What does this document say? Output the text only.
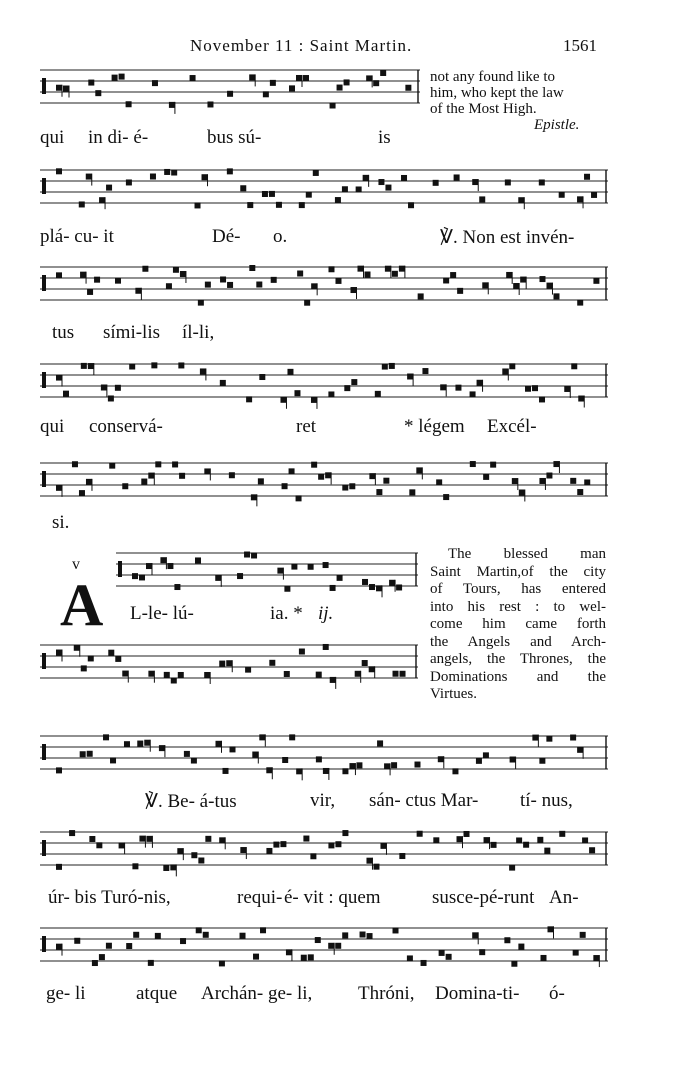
November 11 : Saint Martin.	1561
not any found like to
him, who kept the law
of the Most High.
Epistle.
qui in di- é-	bus sú-	is
plá- cu- it	Dé- o.	℣. Non est invén-
tus sími-lis íl-li,
qui conservá-	ret	* légem Excél-
si.
v
A L-le- lú-	ia. * ij.
The blessed man
Saint Martin,of the city
of Tours, has entered
into his rest : to wel-
come him came forth
the Angels and Arch-
angels, the Thrones, the
Dominations and the
Virtues.
℣. Be- á-tus	vir, sán- ctus Mar- tí- nus,
úr- bis Turó-nis,	requi- é- vit : quem	susce-pé-runt An-
ge- li	atque Archán- ge- li, Thróni, Domina-ti- ó-
